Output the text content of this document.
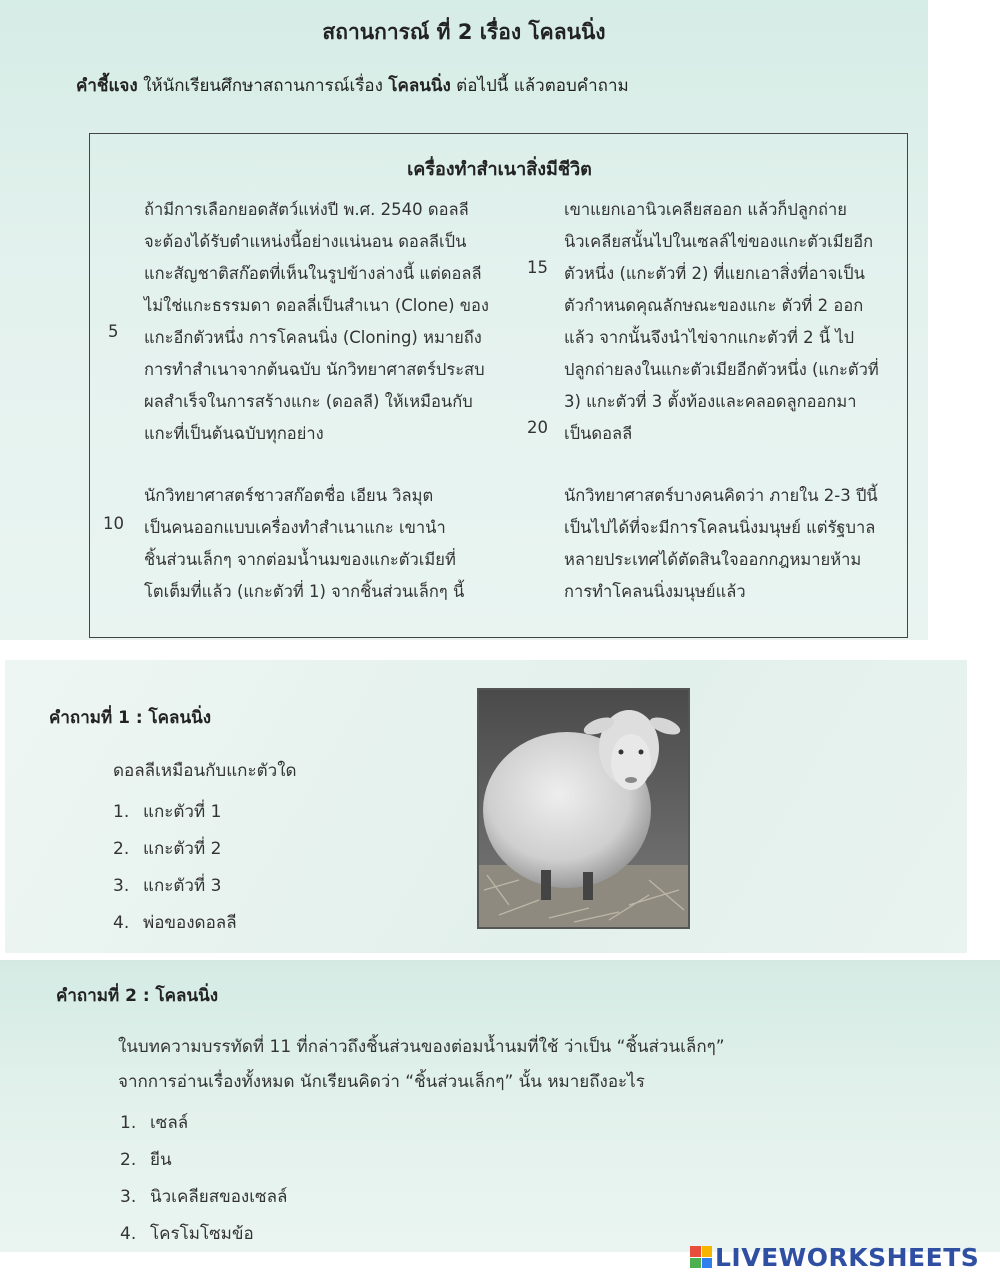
สถานการณ์ ที่ 2 เรื่อง โคลนนิ่ง
คำชี้แจง ให้นักเรียนศึกษาสถานการณ์เรื่อง โคลนนิ่ง ต่อไปนี้ แล้วตอบคำถาม
เครื่องทำสำเนาสิ่งมีชีวิต
ถ้ามีการเลือกยอดสัตว์แห่งปี พ.ศ. 2540 ดอลลี
จะต้องได้รับตำแหน่งนี้อย่างแน่นอน ดอลลีเป็น
แกะสัญชาติสก๊อตที่เห็นในรูปข้างล่างนี้ แต่ดอลลี
ไม่ใช่แกะธรรมดา ดอลลี่เป็นสำเนา (Clone) ของ
แกะอีกตัวหนึ่ง การโคลนนิ่ง (Cloning) หมายถึง
การทำสำเนาจากต้นฉบับ นักวิทยาศาสตร์ประสบ
ผลสำเร็จในการสร้างแกะ (ดอลลี) ให้เหมือนกับ
แกะที่เป็นต้นฉบับทุกอย่าง
นักวิทยาศาสตร์ชาวสก๊อตชื่อ เอียน วิลมุต
เป็นคนออกแบบเครื่องทำสำเนาแกะ เขานำ
ชิ้นส่วนเล็กๆ จากต่อมน้ำนมของแกะตัวเมียที่
โตเต็มที่แล้ว (แกะตัวที่ 1) จากชิ้นส่วนเล็กๆ นี้
เขาแยกเอานิวเคลียสออก แล้วก็ปลูกถ่าย
นิวเคลียสนั้นไปในเซลล์ไข่ของแกะตัวเมียอีก
ตัวหนึ่ง (แกะตัวที่ 2) ที่แยกเอาสิ่งที่อาจเป็น
ตัวกำหนดคุณลักษณะของแกะ ตัวที่ 2 ออก
แล้ว จากนั้นจึงนำไข่จากแกะตัวที่ 2 นี้ ไป
ปลูกถ่ายลงในแกะตัวเมียอีกตัวหนึ่ง (แกะตัวที่
3) แกะตัวที่ 3 ตั้งท้องและคลอดลูกออกมา
เป็นดอลลี
นักวิทยาศาสตร์บางคนคิดว่า ภายใน 2-3 ปีนี้
เป็นไปได้ที่จะมีการโคลนนิ่งมนุษย์ แต่รัฐบาล
หลายประเทศได้ตัดสินใจออกกฎหมายห้าม
การทำโคลนนิ่งมนุษย์แล้ว
5
10
15
20
คำถามที่ 1 : โคลนนิ่ง
ดอลลีเหมือนกับแกะตัวใด
1. แกะตัวที่ 1
2. แกะตัวที่ 2
3. แกะตัวที่ 3
4. พ่อของดอลลี
คำถามที่ 2 : โคลนนิ่ง
ในบทความบรรทัดที่ 11 ที่กล่าวถึงชิ้นส่วนของต่อมน้ำนมที่ใช้ ว่าเป็น “ชิ้นส่วนเล็กๆ”
จากการอ่านเรื่องทั้งหมด นักเรียนคิดว่า “ชิ้นส่วนเล็กๆ” นั้น หมายถึงอะไร
1. เซลล์
2. ยีน
3. นิวเคลียสของเซลล์
4. โครโมโซมข้อ
LIVEWORKSHEETS
